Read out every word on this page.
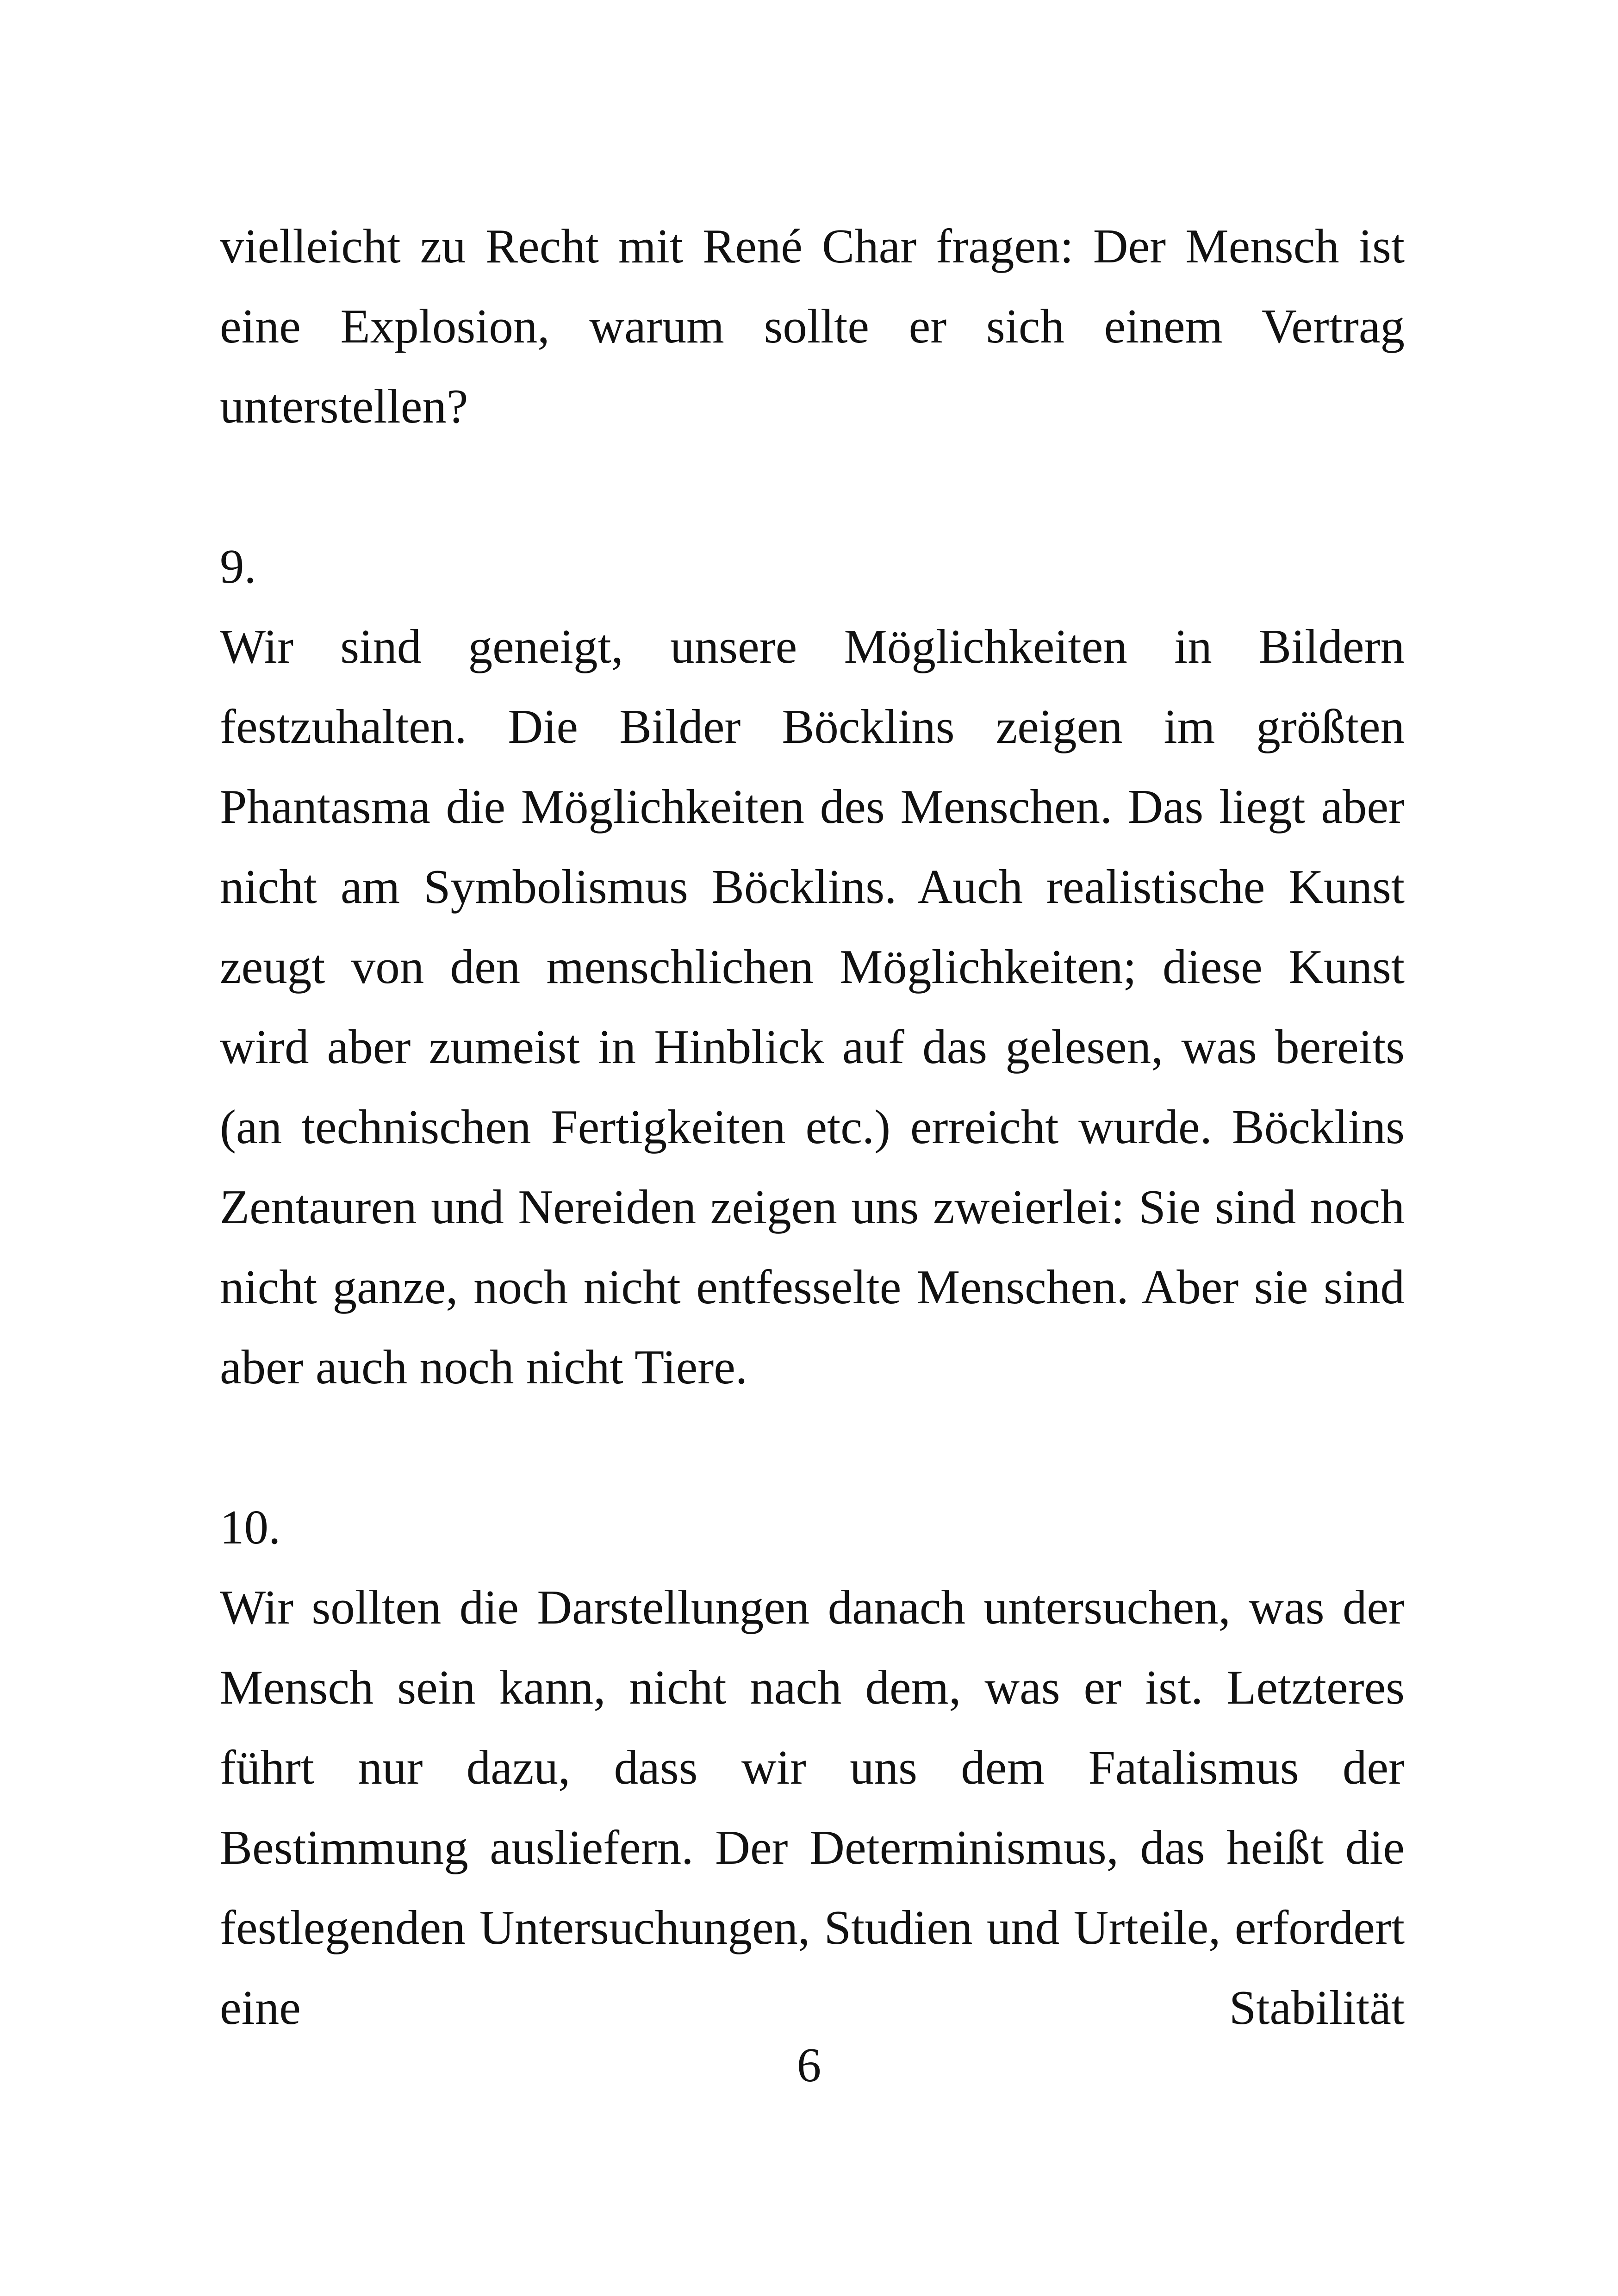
vielleicht zu Recht mit René Char fragen: Der Mensch ist eine Explosion, warum sollte er sich einem Vertrag unterstellen?

9.

Wir sind geneigt, unsere Möglichkeiten in Bildern festzuhalten. Die Bilder Böcklins zeigen im größten Phantasma die Möglichkeiten des Menschen. Das liegt aber nicht am Symbolismus Böcklins. Auch realistische Kunst zeugt von den menschlichen Möglichkeiten; diese Kunst wird aber zumeist in Hinblick auf das gelesen, was bereits (an technischen Fertigkeiten etc.) erreicht wurde. Böcklins Zentauren und Nereiden zeigen uns zweierlei: Sie sind noch nicht ganze, noch nicht entfesselte Menschen. Aber sie sind aber auch noch nicht Tiere.

10.

Wir sollten die Darstellungen danach untersuchen, was der Mensch sein kann, nicht nach dem, was er ist. Letzteres führt nur dazu, dass wir uns dem Fatalismus der Bestimmung ausliefern. Der Determinismus, das heißt die festlegenden Untersuchungen, Studien und Urteile, erfordert eine Stabilität

6
